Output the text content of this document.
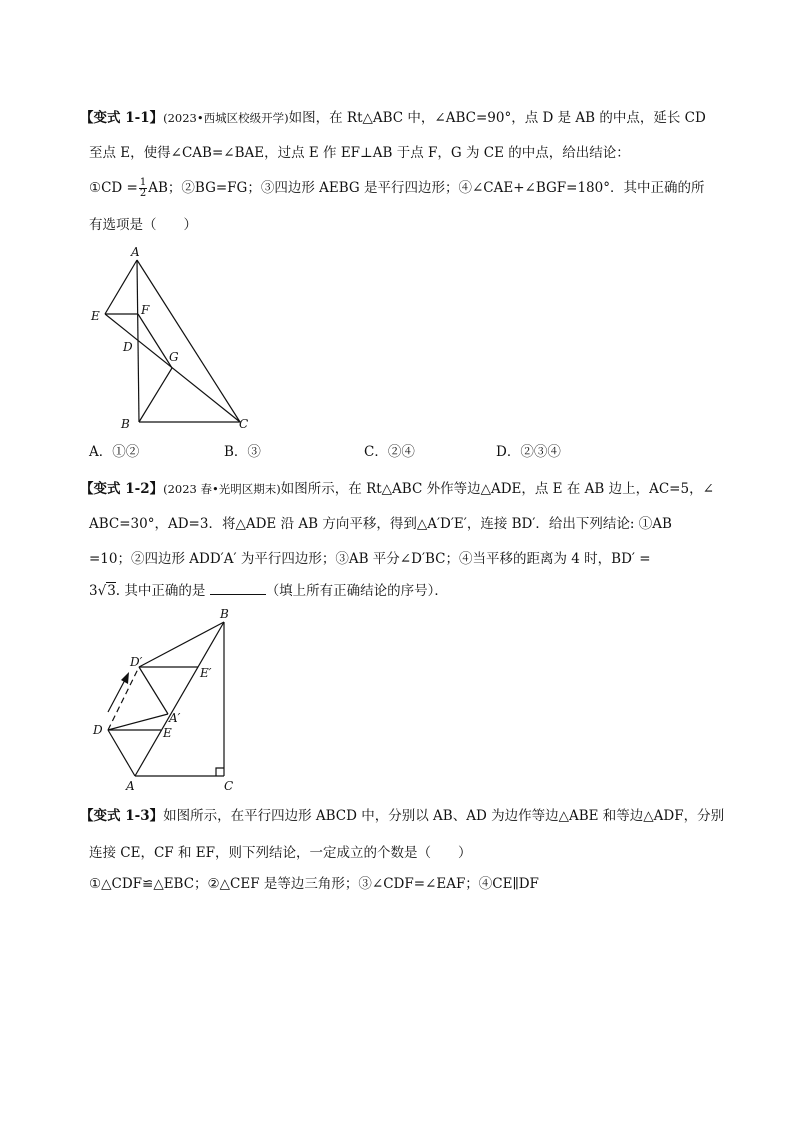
【变式 1-1】(2023•西城区校级开学)如图，在 Rt△ABC 中，∠ABC=90°，点 D 是 AB 的中点，延长 CD
至点 E，使得∠CAB=∠BAE，过点 E 作 EF⊥AB 于点 F，G 为 CE 的中点，给出结论：
①CD = $\frac{1}{2}$ AB；②BG=FG；③四边形 AEBG 是平行四边形；④∠CAE+∠BGF=180°．其中正确的所
有选项是（　　）
A
E	F
D
G
B	C
A．①②	B．③	C．②④	D．②③④
【变式 1-2】(2023 春•光明区期末)如图所示，在 Rt△ABC 外作等边△ADE，点 E 在 AB 边上，AC=5，∠
ABC=30°，AD=3．将△ADE 沿 AB 方向平移，得到△A′D′E′，连接 BD′．给出下列结论: ①AB
=10；②四边形 ADD′A′ 为平行四边形；③AB 平分∠D′BC；④当平移的距离为 4 时，BD′ =
3√3. 其中正确的是	（填上所有正确结论的序号）．
B
D′
E′
A′
D	E
A	C
【变式 1-3】如图所示，在平行四边形 ABCD 中，分别以 AB、AD 为边作等边△ABE 和等边△ADF，分别
连接 CE，CF 和 EF，则下列结论，一定成立的个数是（　　）
①△CDF≌△EBC；②△CEF 是等边三角形；③∠CDF=∠EAF；④CE∥DF
